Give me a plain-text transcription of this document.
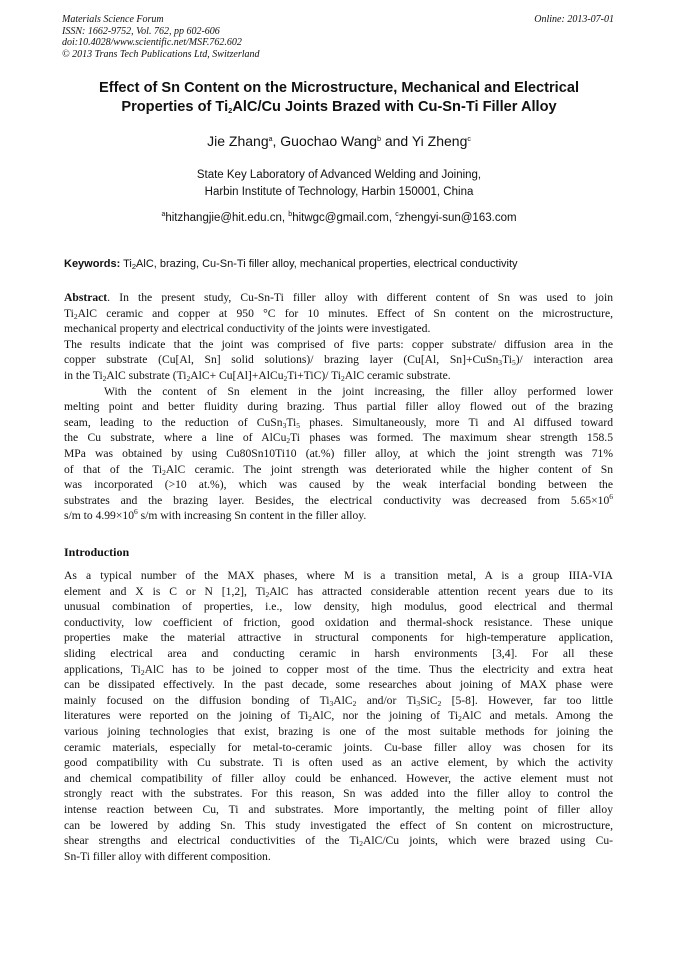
Materials Science Forum
ISSN: 1662-9752, Vol. 762, pp 602-606
doi:10.4028/www.scientific.net/MSF.762.602
© 2013 Trans Tech Publications Ltd, Switzerland
Online: 2013-07-01
Effect of Sn Content on the Microstructure, Mechanical and Electrical
Properties of $Ti_2AlC/Cu$ Joints Brazed with Cu-Sn-Ti Filler Alloy
Jie Zhang$^a$, Guochao Wang$^b$ and Yi Zheng$^c$
State Key Laboratory of Advanced Welding and Joining,
Harbin Institute of Technology, Harbin 150001, China
$^a$hitzhangjie@hit.edu.cn, $^b$hitwgc@gmail.com, $^c$zhengyi-sun@163.com
Keywords: $Ti_2AlC$, brazing, Cu-Sn-Ti filler alloy, mechanical properties, electrical conductivity
Abstract. In the present study, Cu-Sn-Ti filler alloy with different content of Sn was used to join
$Ti_2AlC$ ceramic and copper at 950 °C for 10 minutes. Effect of Sn content on the microstructure,
mechanical property and electrical conductivity of the joints were investigated.
The results indicate that the joint was comprised of five parts: copper substrate/ diffusion area in the
copper substrate (Cu[Al, Sn] solid solutions)/ brazing layer (Cu[Al, $Sn]+CuSn_3Ti_5)/$ interaction area
in the $Ti_2AlC$ substrate ($Ti_2AlC+$ Cu[Al]+AlCu$_2$Ti+TiC)/ $Ti_2AlC$ ceramic substrate.
With the content of Sn element in the joint increasing, the filler alloy performed lower
melting point and better fluidity during brazing. Thus partial filler alloy flowed out of the brazing
seam, leading to the reduction of $CuSn_3Ti_5$ phases. Simultaneously, more Ti and Al diffused toward
the Cu substrate, where a line of AlCu$_2$Ti phases was formed. The maximum shear strength 158.5
MPa was obtained by using Cu80Sn10Ti10 (at.%) filler alloy, at which the joint strength was 71%
of that of the $Ti_2AlC$ ceramic. The joint strength was deteriorated while the higher content of Sn
was incorporated (>10 at.%), which was caused by the weak interfacial bonding between the
substrates and the brazing layer. Besides, the electrical conductivity was decreased from $5.65\times 10^6$
s/m to $4.99\times 10^6$ s/m with increasing Sn content in the filler alloy.
Introduction
As a typical number of the MAX phases, where M is a transition metal, A is a group IIIA-VIA
element and X is C or N [1,2], $Ti_2AlC$ has attracted considerable attention recent years due to its
unusual combination of properties, i.e., low density, high modulus, good electrical and thermal
conductivity, low coefficient of friction, good oxidation and thermal-shock resistance. These unique
properties make the material attractive in structural components for high-temperature application,
sliding electrical area and conducting ceramic in harsh environments [3,4]. For all these
applications, $Ti_2AlC$ has to be joined to copper most of the time. Thus the electricity and extra heat
can be dissipated effectively. In the past decade, some researches about joining of MAX phase were
mainly focused on the diffusion bonding of $Ti_3AlC_2$ and/or $Ti_3SiC_2$ [5-8]. However, far too little
literatures were reported on the joining of $Ti_2AlC$, nor the joining of $Ti_2AlC$ and metals. Among the
various joining technologies that exist, brazing is one of the most suitable methods for joining the
ceramic materials, especially for metal-to-ceramic joints. Cu-base filler alloy was chosen for its
good compatibility with Cu substrate. Ti is often used as an active element, by which the activity
and chemical compatibility of filler alloy could be enhanced. However, the active element must not
strongly react with the substrates. For this reason, Sn was added into the filler alloy to control the
intense reaction between Cu, Ti and substrates. More importantly, the melting point of filler alloy
can be lowered by adding Sn. This study investigated the effect of Sn content on microstructure,
shear strengths and electrical conductivities of the $Ti_2AlC/Cu$ joints, which were brazed using Cu-
Sn-Ti filler alloy with different composition.
